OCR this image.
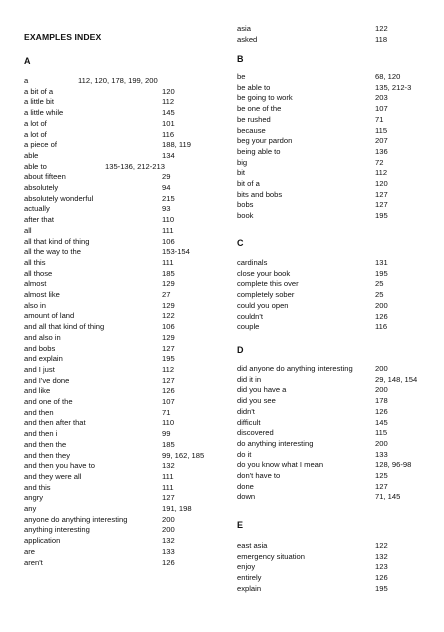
EXAMPLES INDEX
A
a	112, 120, 178, 199, 200
a bit of a	120
a little bit	112
a little while	145
a lot of	101
a lot of	116
a piece of	188, 119
able	134
able to	135-136, 212-213
about fifteen	29
absolutely	94
absolutely wonderful	215
actually	93
after that	110
all	111
all that kind of thing	106
all the way to the	153-154
all this	111
all those	185
almost	129
almost like	27
also in	129
amount of land	122
and all that kind of thing	106
and also in	129
and bobs	127
and explain	195
and I just	112
and I've done	127
and like	126
and one of the	107
and then	71
and then after that	110
and then i	99
and then the	185
and then they	99, 162, 185
and then you have to	132
and they were all	111
and this	111
angry	127
any	191, 198
anyone do anything interesting	200
anything interesting	200
application	132
are	133
aren't	126
asia	122
asked	118
B
be	68, 120
be able to	135, 212-3
be going to work	203
be one of the	107
be rushed	71
because	115
beg your pardon	207
being able to	136
big	72
bit	112
bit of a	120
bits and bobs	127
bobs	127
book	195
C
cardinals	131
close your book	195
complete this over	25
completely sober	25
could you open	200
couldn't	126
couple	116
D
did anyone do anything interesting	200
did it in	29, 148, 154
did you have a	200
did you see	178
didn't	126
difficult	145
discovered	115
do anything interesting	200
do it	133
do you know what I mean	128, 96-98
don't have to	125
done	127
down	71, 145
E
east asia	122
emergency situation	132
enjoy	123
entirely	126
explain	195
